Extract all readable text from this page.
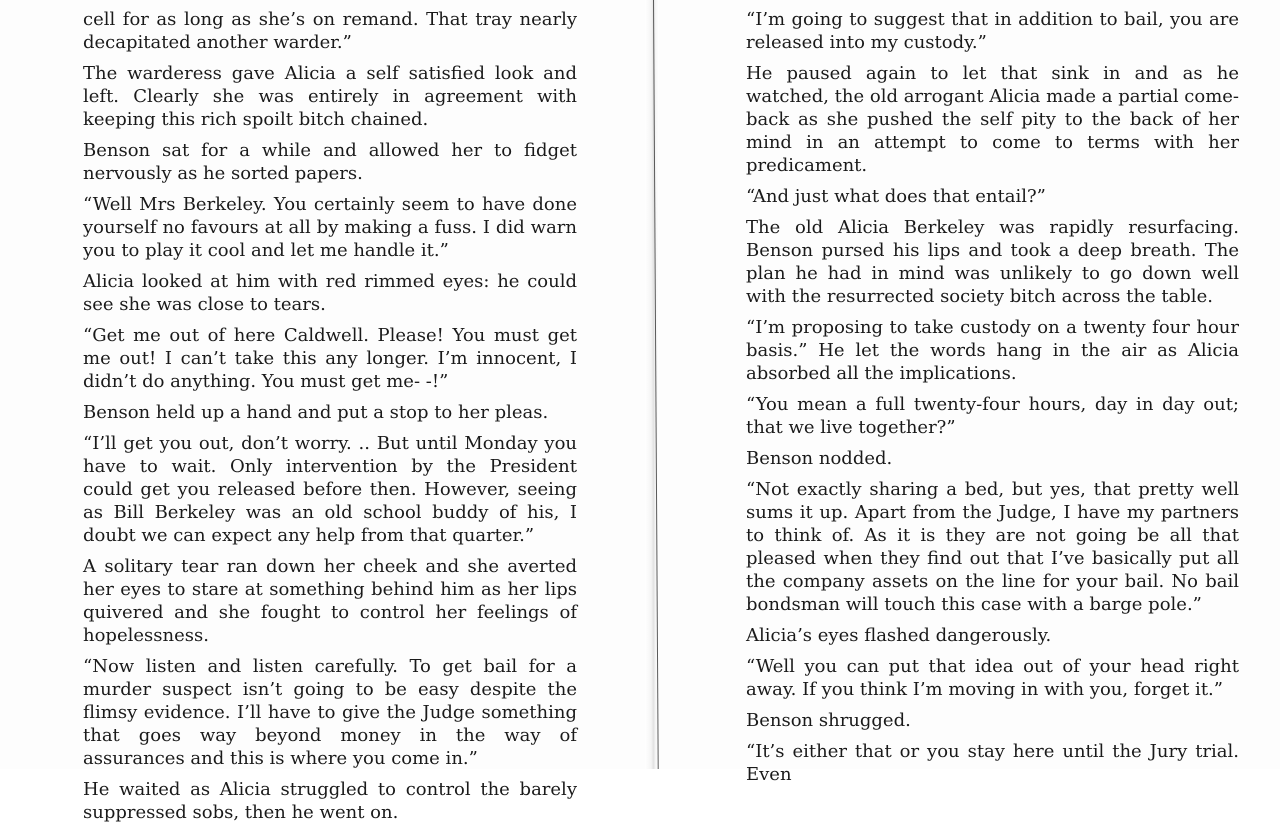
cell for as long as she’s on remand. That tray nearly decapitated another warder.”

The warderess gave Alicia a self satisfied look and left. Clearly she was entirely in agreement with keeping this rich spoilt bitch chained.

Benson sat for a while and allowed her to fidget nervously as he sorted papers.

“Well Mrs Berkeley. You certainly seem to have done yourself no favours at all by making a fuss. I did warn you to play it cool and let me handle it.”

Alicia looked at him with red rimmed eyes: he could see she was close to tears.

“Get me out of here Caldwell. Please! You must get me out! I can’t take this any longer. I’m innocent, I didn’t do anything. You must get me- -!”

Benson held up a hand and put a stop to her pleas.

“I’ll get you out, don’t worry. .. But until Monday you have to wait. Only intervention by the President could get you released before then. However, seeing as Bill Berkeley was an old school buddy of his, I doubt we can expect any help from that quarter.”

A solitary tear ran down her cheek and she averted her eyes to stare at something behind him as her lips quivered and she fought to control her feelings of hopelessness.

“Now listen and listen carefully. To get bail for a murder suspect isn’t going to be easy despite the flimsy evidence. I’ll have to give the Judge something that goes way beyond money in the way of assurances and this is where you come in.”

He waited as Alicia struggled to control the barely suppressed sobs, then he went on.

“I’m going to suggest that in addition to bail, you are released into my custody.”

He paused again to let that sink in and as he watched, the old arrogant Alicia made a partial come-back as she pushed the self pity to the back of her mind in an attempt to come to terms with her predicament.

“And just what does that entail?”

The old Alicia Berkeley was rapidly resurfacing. Benson pursed his lips and took a deep breath. The plan he had in mind was unlikely to go down well with the resurrected society bitch across the table.

“I’m proposing to take custody on a twenty four hour basis.” He let the words hang in the air as Alicia absorbed all the implications.

“You mean a full twenty-four hours, day in day out; that we live together?”

Benson nodded.

“Not exactly sharing a bed, but yes, that pretty well sums it up. Apart from the Judge, I have my partners to think of. As it is they are not going be all that pleased when they find out that I’ve basically put all the company assets on the line for your bail. No bail bondsman will touch this case with a barge pole.”

Alicia’s eyes flashed dangerously.

“Well you can put that idea out of your head right away. If you think I’m moving in with you, forget it.”

Benson shrugged.

“It’s either that or you stay here until the Jury trial. Even
